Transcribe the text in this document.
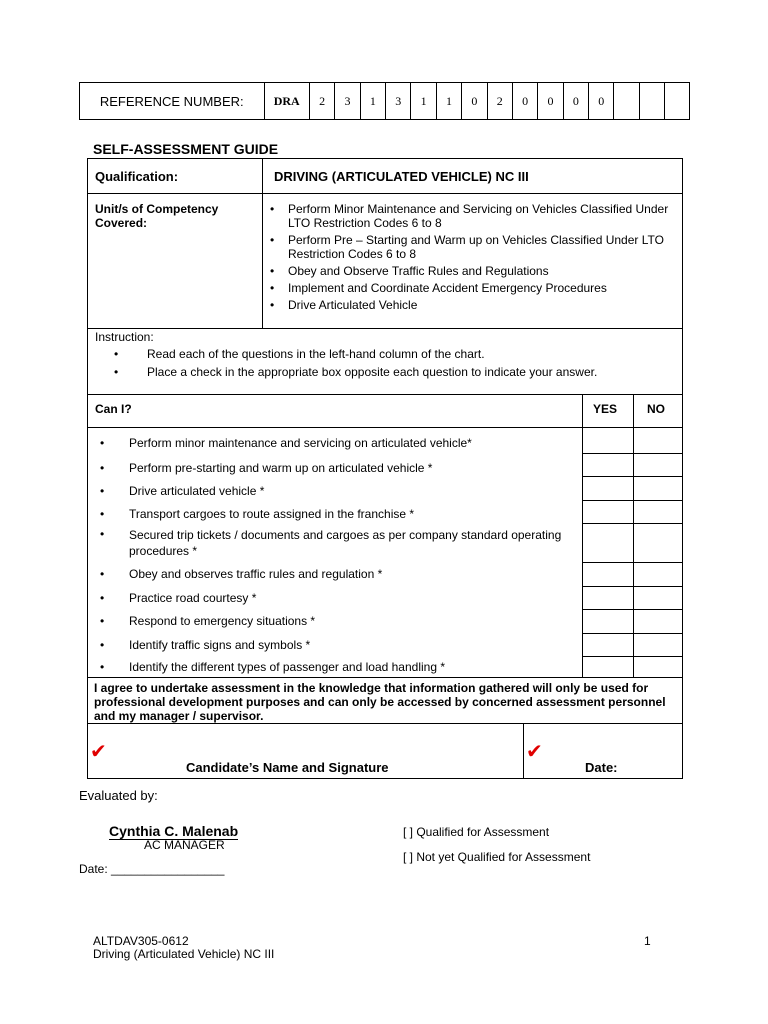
REFERENCE NUMBER:	DRA	2	3	1	3	1	1	0	2	0	0	0	0			
SELF-ASSESSMENT GUIDE
Qualification:	DRIVING (ARTICULATED VEHICLE) NC III
Unit/s of Competency Covered:
• Perform Minor Maintenance and Servicing on Vehicles Classified Under LTO Restriction Codes 6 to 8
• Perform Pre – Starting and Warm up on Vehicles Classified Under LTO Restriction Codes 6 to 8
• Obey and Observe Traffic Rules and Regulations
• Implement and Coordinate Accident Emergency Procedures
• Drive Articulated Vehicle
Instruction:
• Read each of the questions in the left-hand column of the chart.
• Place a check in the appropriate box opposite each question to indicate your answer.
Can I?	YES NO
• Perform minor maintenance and servicing on articulated vehicle*
• Perform pre-starting and warm up on articulated vehicle *
• Drive articulated vehicle *
• Transport cargoes to route assigned in the franchise *
• Secured trip tickets / documents and cargoes as per company standard operating procedures *
• Obey and observes traffic rules and regulation *
• Practice road courtesy *
• Respond to emergency situations *
• Identify traffic signs and symbols *
• Identify the different types of passenger and load handling *
I agree to undertake assessment in the knowledge that information gathered will only be used for professional development purposes and can only be accessed by concerned assessment personnel and my manager / supervisor.
✔
Candidate’s Name and Signature
✔
Date:
Evaluated by:
Cynthia C. Malenab
AC MANAGER
Date: _________________
[ ] Qualified for Assessment
[ ] Not yet Qualified for Assessment
ALTDAV305-0612
Driving (Articulated Vehicle) NC III
1
